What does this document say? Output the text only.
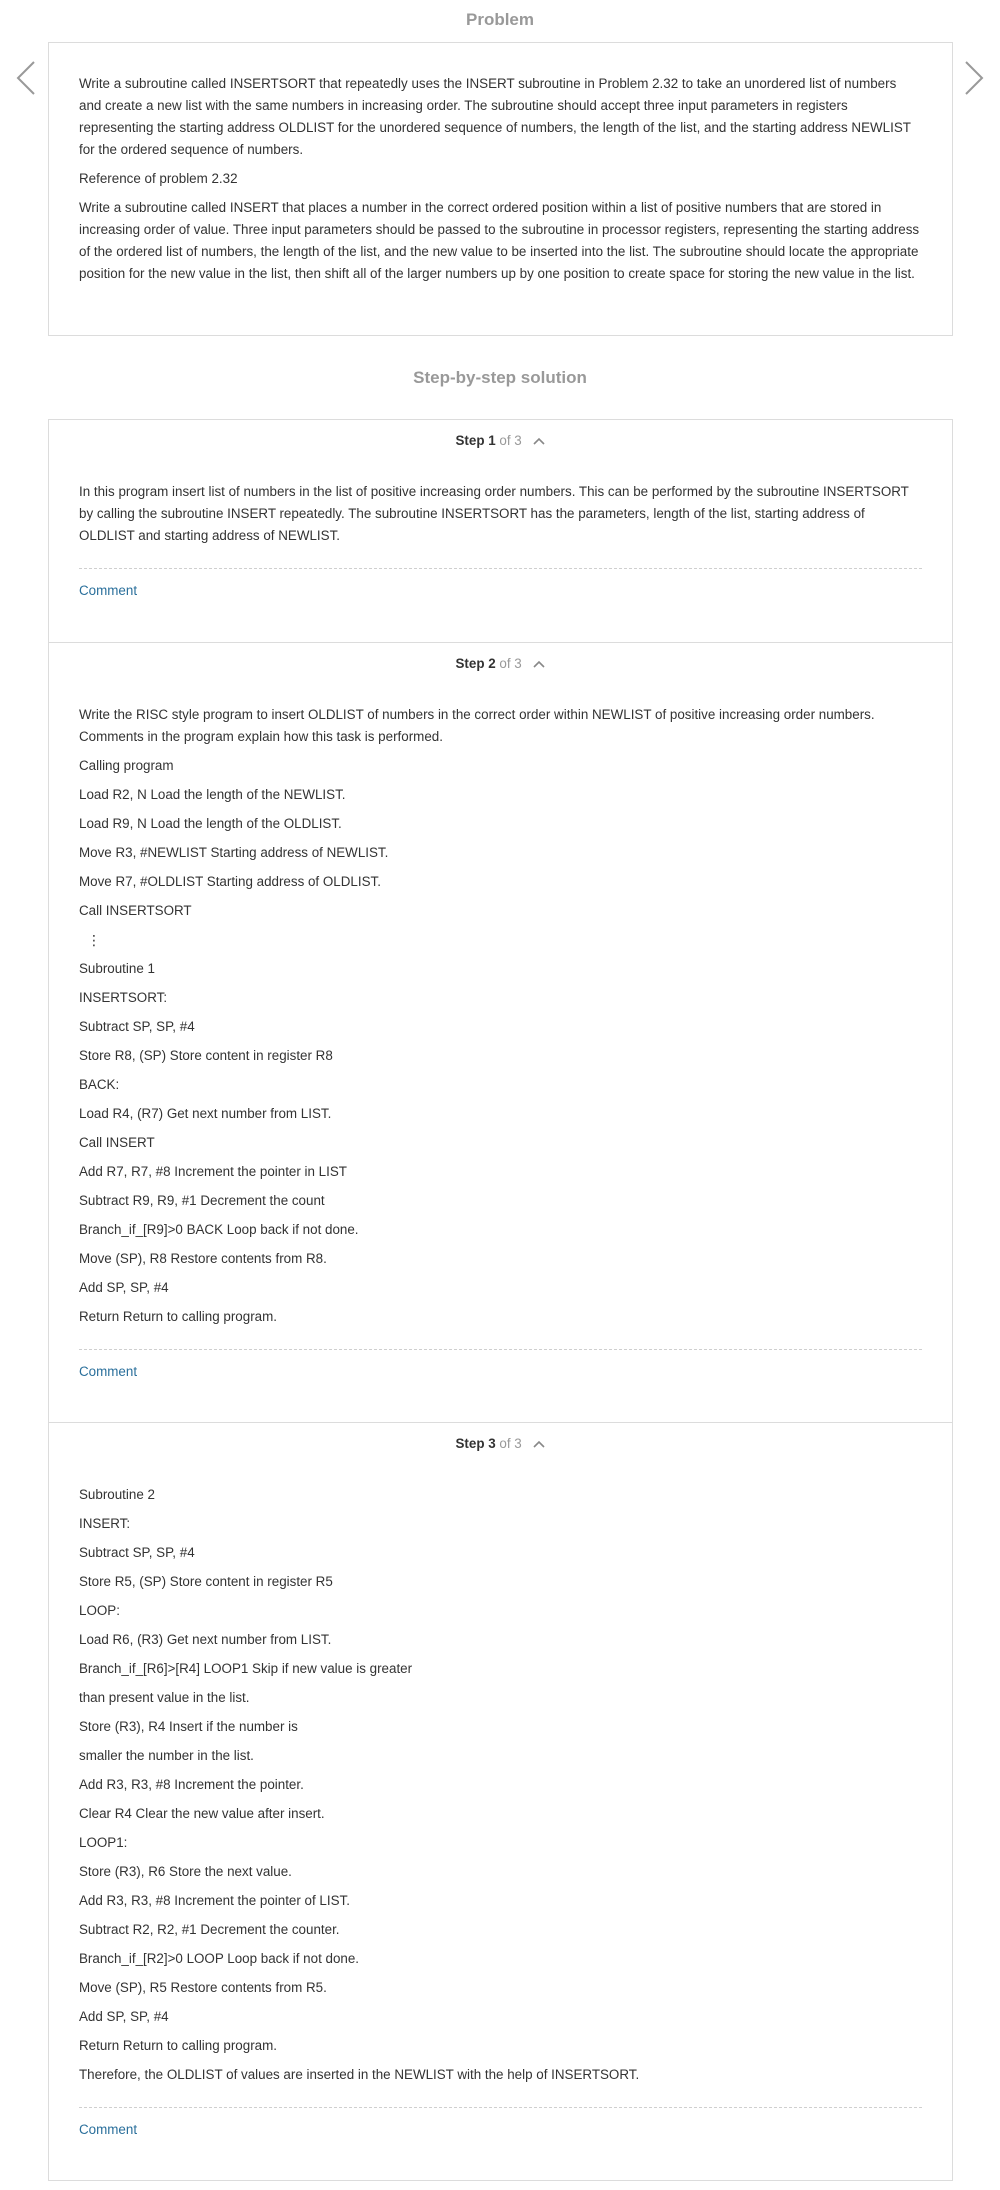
Problem

Write a subroutine called INSERTSORT that repeatedly uses the INSERT subroutine in Problem 2.32 to take an unordered list of numbers and create a new list with the same numbers in increasing order. The subroutine should accept three input parameters in registers representing the starting address OLDLIST for the unordered sequence of numbers, the length of the list, and the starting address NEWLIST for the ordered sequence of numbers.

Reference of problem 2.32

Write a subroutine called INSERT that places a number in the correct ordered position within a list of positive numbers that are stored in increasing order of value. Three input parameters should be passed to the subroutine in processor registers, representing the starting address of the ordered list of numbers, the length of the list, and the new value to be inserted into the list. The subroutine should locate the appropriate position for the new value in the list, then shift all of the larger numbers up by one position to create space for storing the new value in the list.

Step-by-step solution
Step 1 of 3

In this program insert list of numbers in the list of positive increasing order numbers. This can be performed by the subroutine INSERTSORT by calling the subroutine INSERT repeatedly. The subroutine INSERTSORT has the parameters, length of the list, starting address of OLDLIST and starting address of NEWLIST.

Comment
Step 2 of 3

Write the RISC style program to insert OLDLIST of numbers in the correct order within NEWLIST of positive increasing order numbers. Comments in the program explain how this task is performed.

Calling program

Load R2, N Load the length of the NEWLIST.

Load R9, N Load the length of the OLDLIST.

Move R3, #NEWLIST Starting address of NEWLIST.

Move R7, #OLDLIST Starting address of OLDLIST.

Call INSERTSORT

⋮

Subroutine 1

INSERTSORT:

Subtract SP, SP, #4

Store R8, (SP) Store content in register R8

BACK:

Load R4, (R7) Get next number from LIST.

Call INSERT

Add R7, R7, #8 Increment the pointer in LIST

Subtract R9, R9, #1 Decrement the count

Branch_if_[R9]>0 BACK Loop back if not done.

Move (SP), R8 Restore contents from R8.

Add SP, SP, #4

Return Return to calling program.

Comment
Step 3 of 3

Subroutine 2

INSERT:

Subtract SP, SP, #4

Store R5, (SP) Store content in register R5

LOOP:

Load R6, (R3) Get next number from LIST.

Branch_if_[R6]>[R4] LOOP1 Skip if new value is greater

than present value in the list.

Store (R3), R4 Insert if the number is

smaller the number in the list.

Add R3, R3, #8 Increment the pointer.

Clear R4 Clear the new value after insert.

LOOP1:

Store (R3), R6 Store the next value.

Add R3, R3, #8 Increment the pointer of LIST.

Subtract R2, R2, #1 Decrement the counter.

Branch_if_[R2]>0 LOOP Loop back if not done.

Move (SP), R5 Restore contents from R5.

Add SP, SP, #4

Return Return to calling program.

Therefore, the OLDLIST of values are inserted in the NEWLIST with the help of INSERTSORT.

Comment
